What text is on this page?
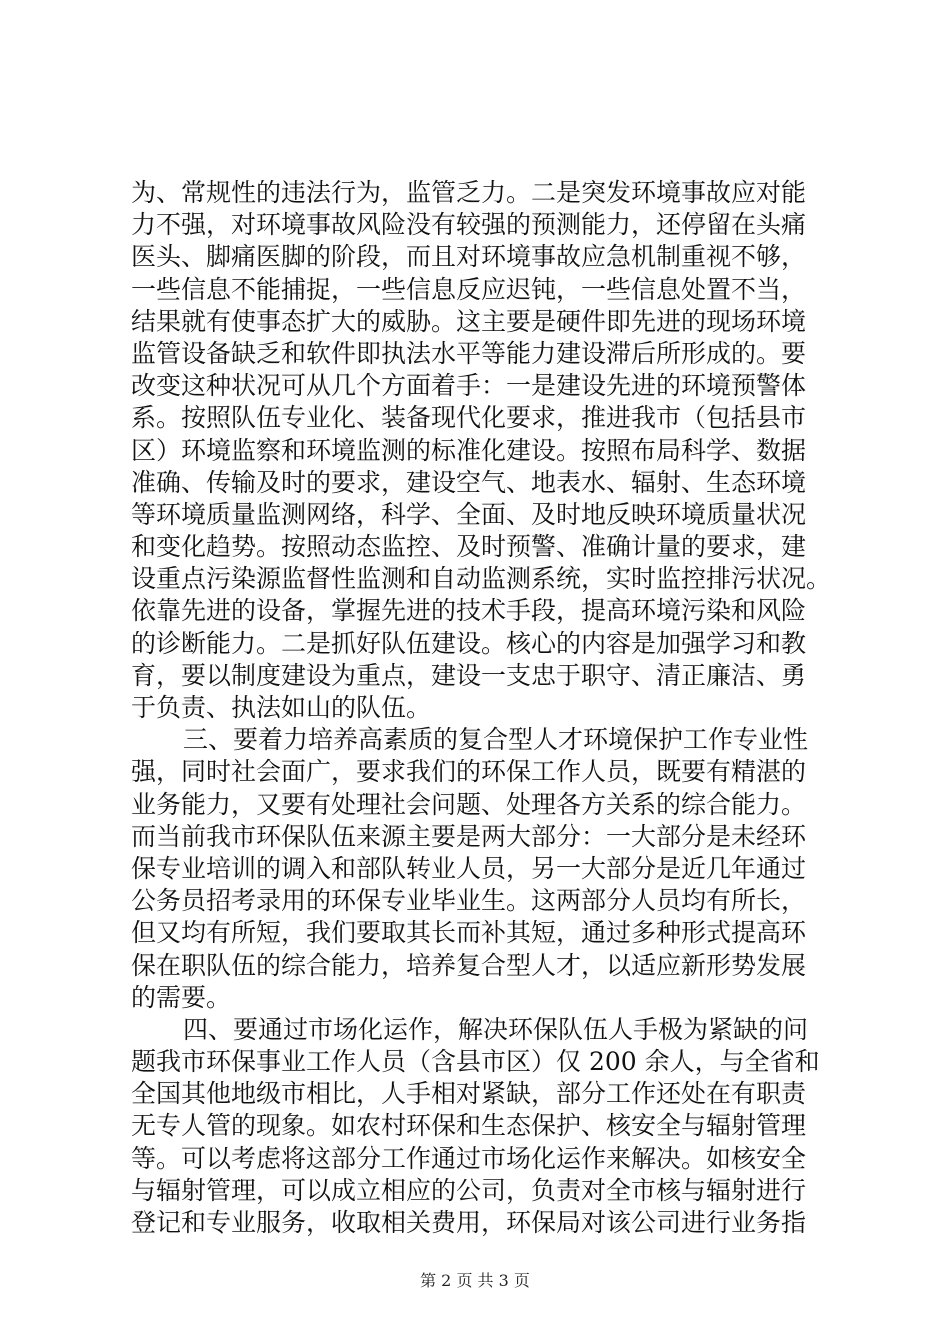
为、常规性的违法行为，监管乏力。二是突发环境事故应对能
力不强，对环境事故风险没有较强的预测能力，还停留在头痛
医头、脚痛医脚的阶段，而且对环境事故应急机制重视不够，
一些信息不能捕捉，一些信息反应迟钝，一些信息处置不当，
结果就有使事态扩大的威胁。这主要是硬件即先进的现场环境
监管设备缺乏和软件即执法水平等能力建设滞后所形成的。要
改变这种状况可从几个方面着手：一是建设先进的环境预警体
系。按照队伍专业化、装备现代化要求，推进我市（包括县市
区）环境监察和环境监测的标准化建设。按照布局科学、数据
准确、传输及时的要求，建设空气、地表水、辐射、生态环境
等环境质量监测网络，科学、全面、及时地反映环境质量状况
和变化趋势。按照动态监控、及时预警、准确计量的要求，建
设重点污染源监督性监测和自动监测系统，实时监控排污状况。
依靠先进的设备，掌握先进的技术手段，提高环境污染和风险
的诊断能力。二是抓好队伍建设。核心的内容是加强学习和教
育，要以制度建设为重点，建设一支忠于职守、清正廉洁、勇
于负责、执法如山的队伍。
三、要着力培养高素质的复合型人才环境保护工作专业性
强，同时社会面广，要求我们的环保工作人员，既要有精湛的
业务能力，又要有处理社会问题、处理各方关系的综合能力。
而当前我市环保队伍来源主要是两大部分：一大部分是未经环
保专业培训的调入和部队转业人员，另一大部分是近几年通过
公务员招考录用的环保专业毕业生。这两部分人员均有所长，
但又均有所短，我们要取其长而补其短，通过多种形式提高环
保在职队伍的综合能力，培养复合型人才，以适应新形势发展
的需要。
四、要通过市场化运作，解决环保队伍人手极为紧缺的问
题我市环保事业工作人员（含县市区）仅 200 余人，与全省和
全国其他地级市相比，人手相对紧缺，部分工作还处在有职责
无专人管的现象。如农村环保和生态保护、核安全与辐射管理
等。可以考虑将这部分工作通过市场化运作来解决。如核安全
与辐射管理，可以成立相应的公司，负责对全市核与辐射进行
登记和专业服务，收取相关费用，环保局对该公司进行业务指
第 2 页 共 3 页
